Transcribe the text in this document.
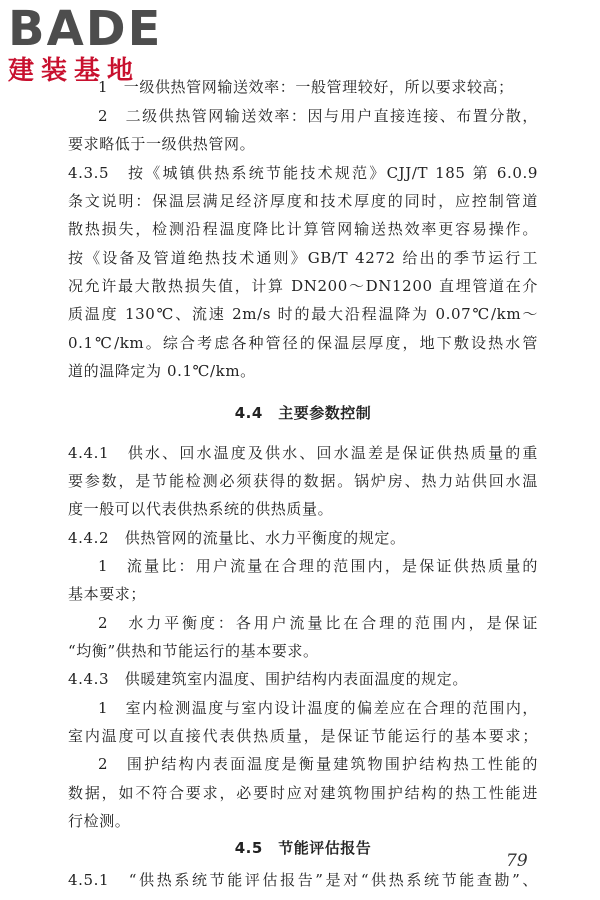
BADE
建装基地
1　一级供热管网输送效率：一般管理较好，所以要求较高；
2　二级供热管网输送效率：因与用户直接连接、布置分散，
要求略低于一级供热管网。
4.3.5　按《城镇供热系统节能技术规范》CJJ/T 185 第 6.0.9
条文说明：保温层满足经济厚度和技术厚度的同时，应控制管道
散热损失，检测沿程温度降比计算管网输送热效率更容易操作。
按《设备及管道绝热技术通则》GB/T 4272 给出的季节运行工
况允许最大散热损失值，计算 DN200～DN1200 直埋管道在介
质温度 130℃、流速 2m/s 时的最大沿程温降为 0.07℃/km～
0.1℃/km。综合考虑各种管径的保温层厚度，地下敷设热水管
道的温降定为 0.1℃/km。
4.4　主要参数控制
4.4.1　供水、回水温度及供水、回水温差是保证供热质量的重
要参数，是节能检测必须获得的数据。锅炉房、热力站供回水温
度一般可以代表供热系统的供热质量。
4.4.2　供热管网的流量比、水力平衡度的规定。
1　流量比：用户流量在合理的范围内，是保证供热质量的
基本要求；
2　水力平衡度：各用户流量比在合理的范围内，是保证
“均衡”供热和节能运行的基本要求。
4.4.3　供暖建筑室内温度、围护结构内表面温度的规定。
1　室内检测温度与室内设计温度的偏差应在合理的范围内，
室内温度可以直接代表供热质量，是保证节能运行的基本要求；
2　围护结构内表面温度是衡量建筑物围护结构热工性能的
数据，如不符合要求，必要时应对建筑物围护结构的热工性能进
行检测。
4.5　节能评估报告
79
4.5.1　“供热系统节能评估报告”是对“供热系统节能查勘”、
